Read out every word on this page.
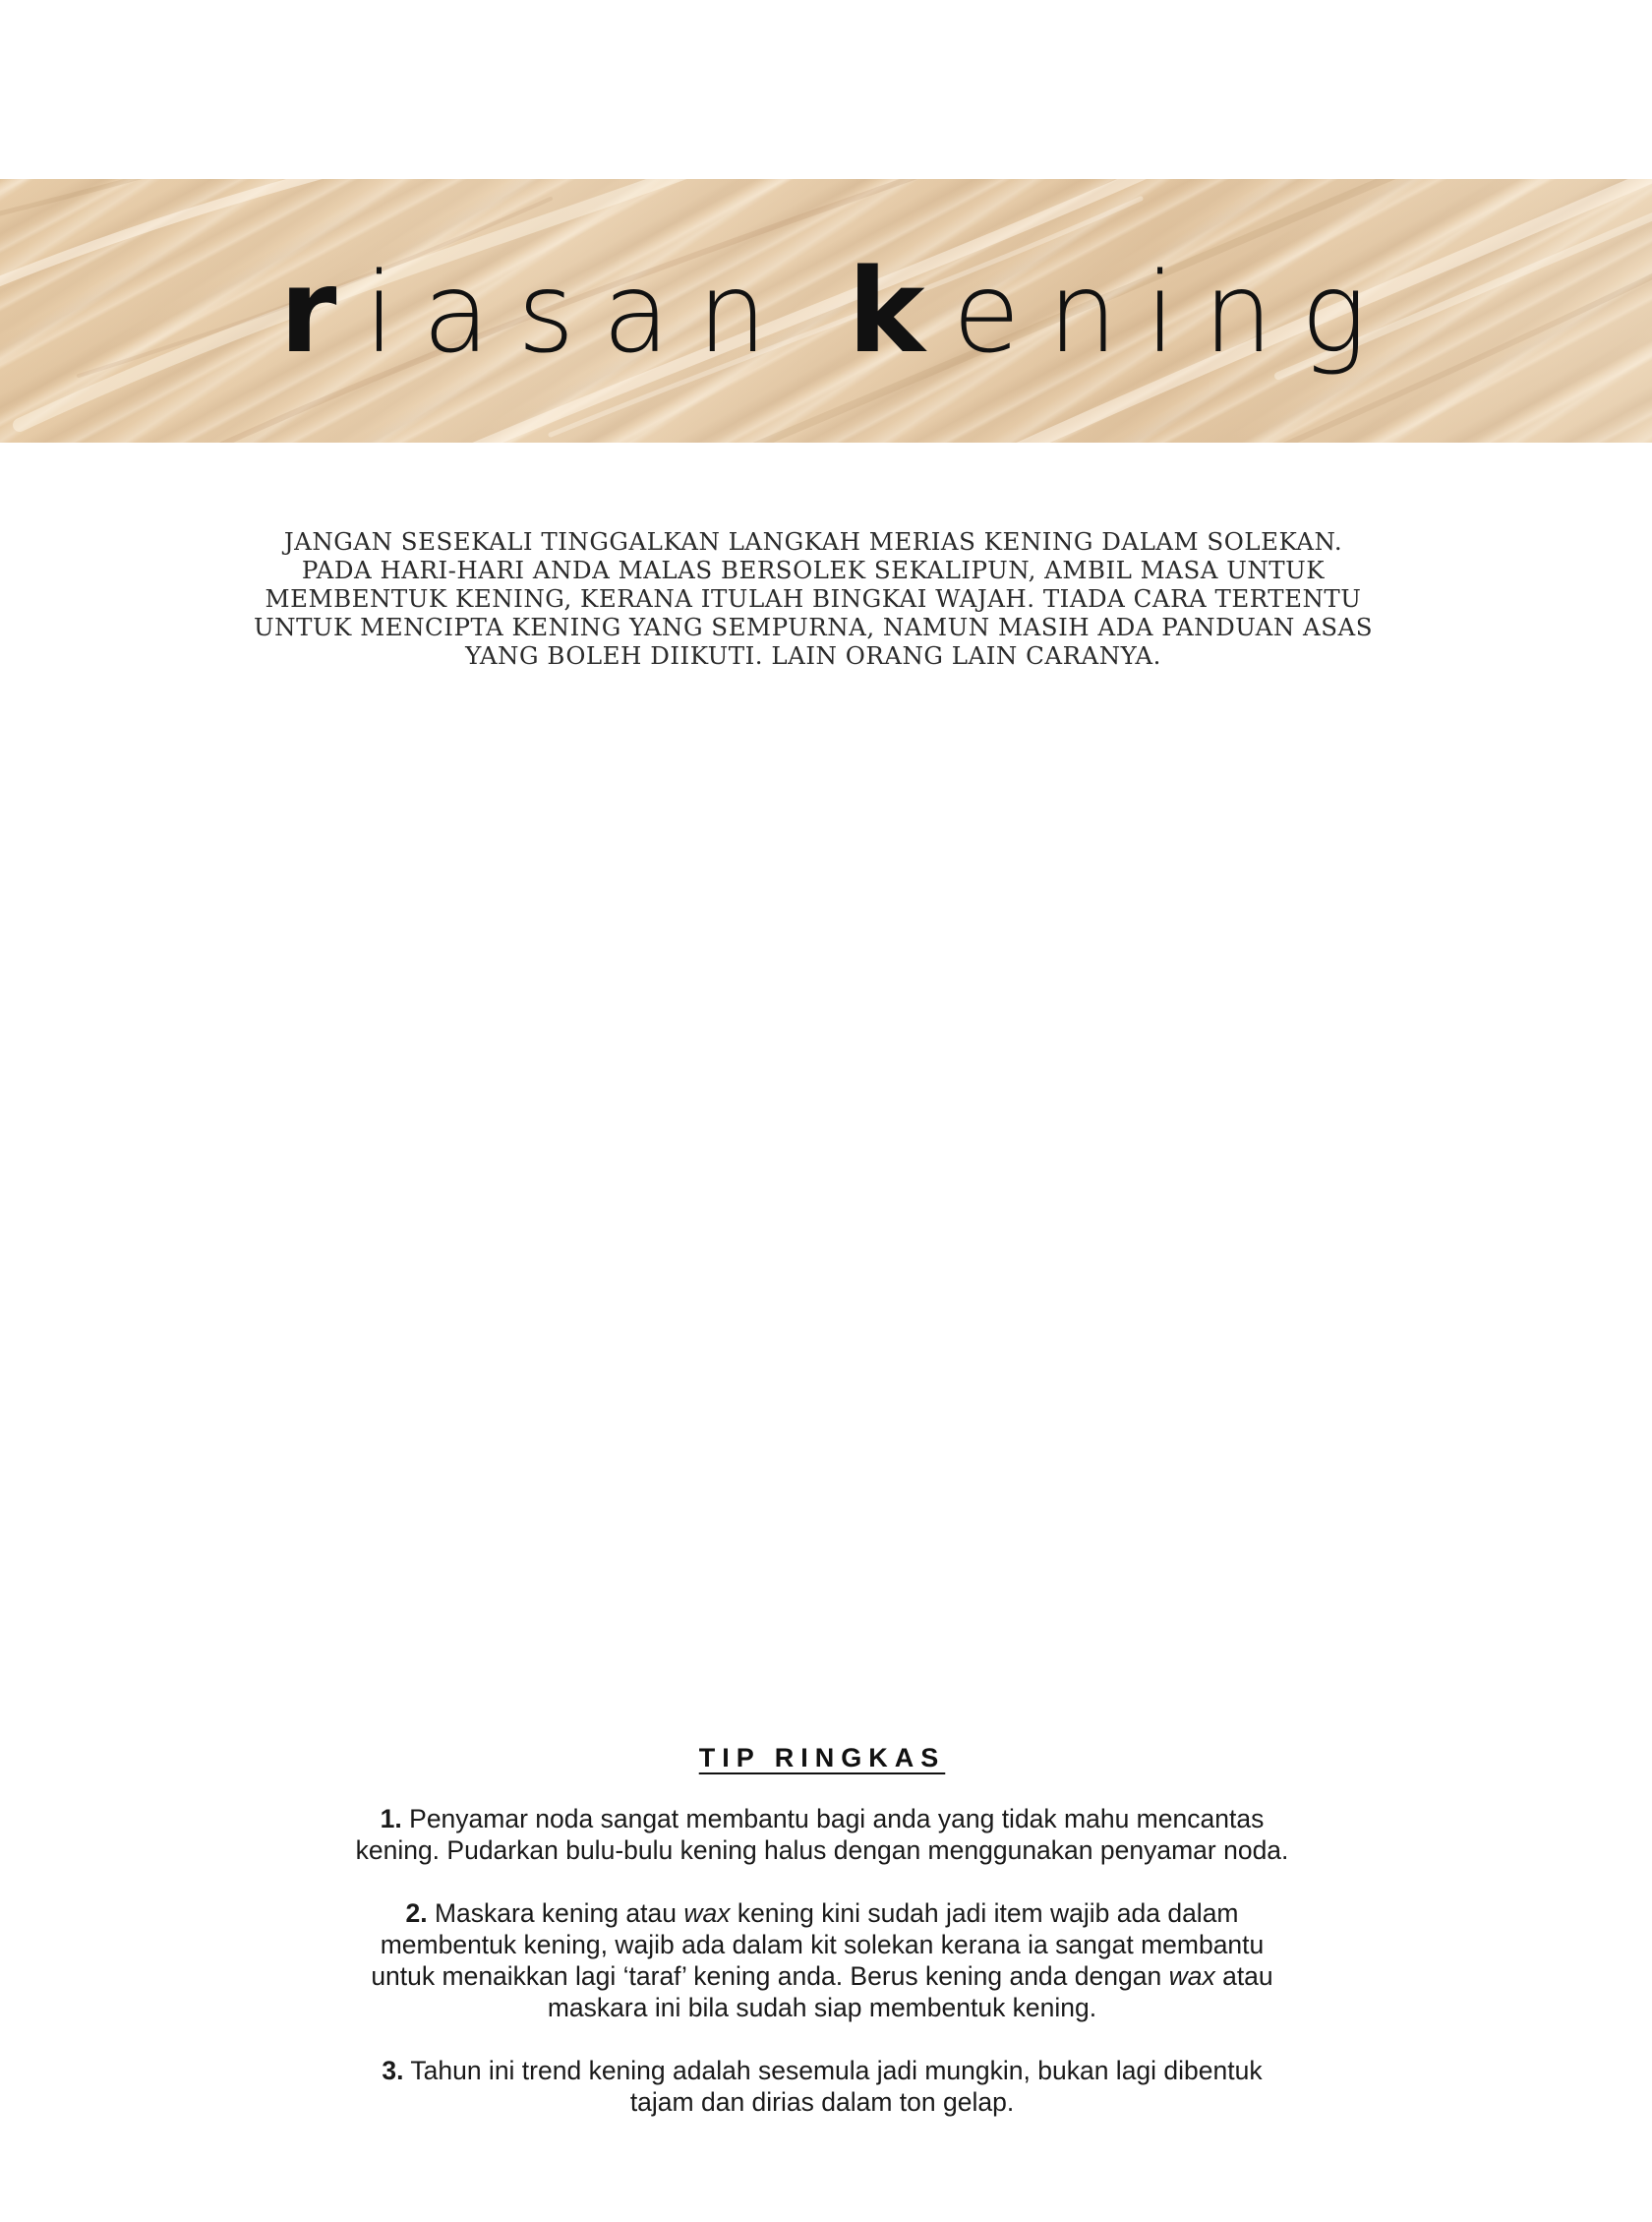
riasan kening
JANGAN SESEKALI TINGGALKAN LANGKAH MERIAS KENING DALAM SOLEKAN.
PADA HARI-HARI ANDA MALAS BERSOLEK SEKALIPUN, AMBIL MASA UNTUK
MEMBENTUK KENING, KERANA ITULAH BINGKAI WAJAH. TIADA CARA TERTENTU
UNTUK MENCIPTA KENING YANG SEMPURNA, NAMUN MASIH ADA PANDUAN ASAS
YANG BOLEH DIIKUTI. LAIN ORANG LAIN CARANYA.
TIP RINGKAS
1. Penyamar noda sangat membantu bagi anda yang tidak mahu mencantas
kening. Pudarkan bulu-bulu kening halus dengan menggunakan penyamar noda.
2. Maskara kening atau wax kening kini sudah jadi item wajib ada dalam
membentuk kening, wajib ada dalam kit solekan kerana ia sangat membantu
untuk menaikkan lagi ‘taraf’ kening anda. Berus kening anda dengan wax atau
maskara ini bila sudah siap membentuk kening.
3. Tahun ini trend kening adalah sesemula jadi mungkin, bukan lagi dibentuk
tajam dan dirias dalam ton gelap.
